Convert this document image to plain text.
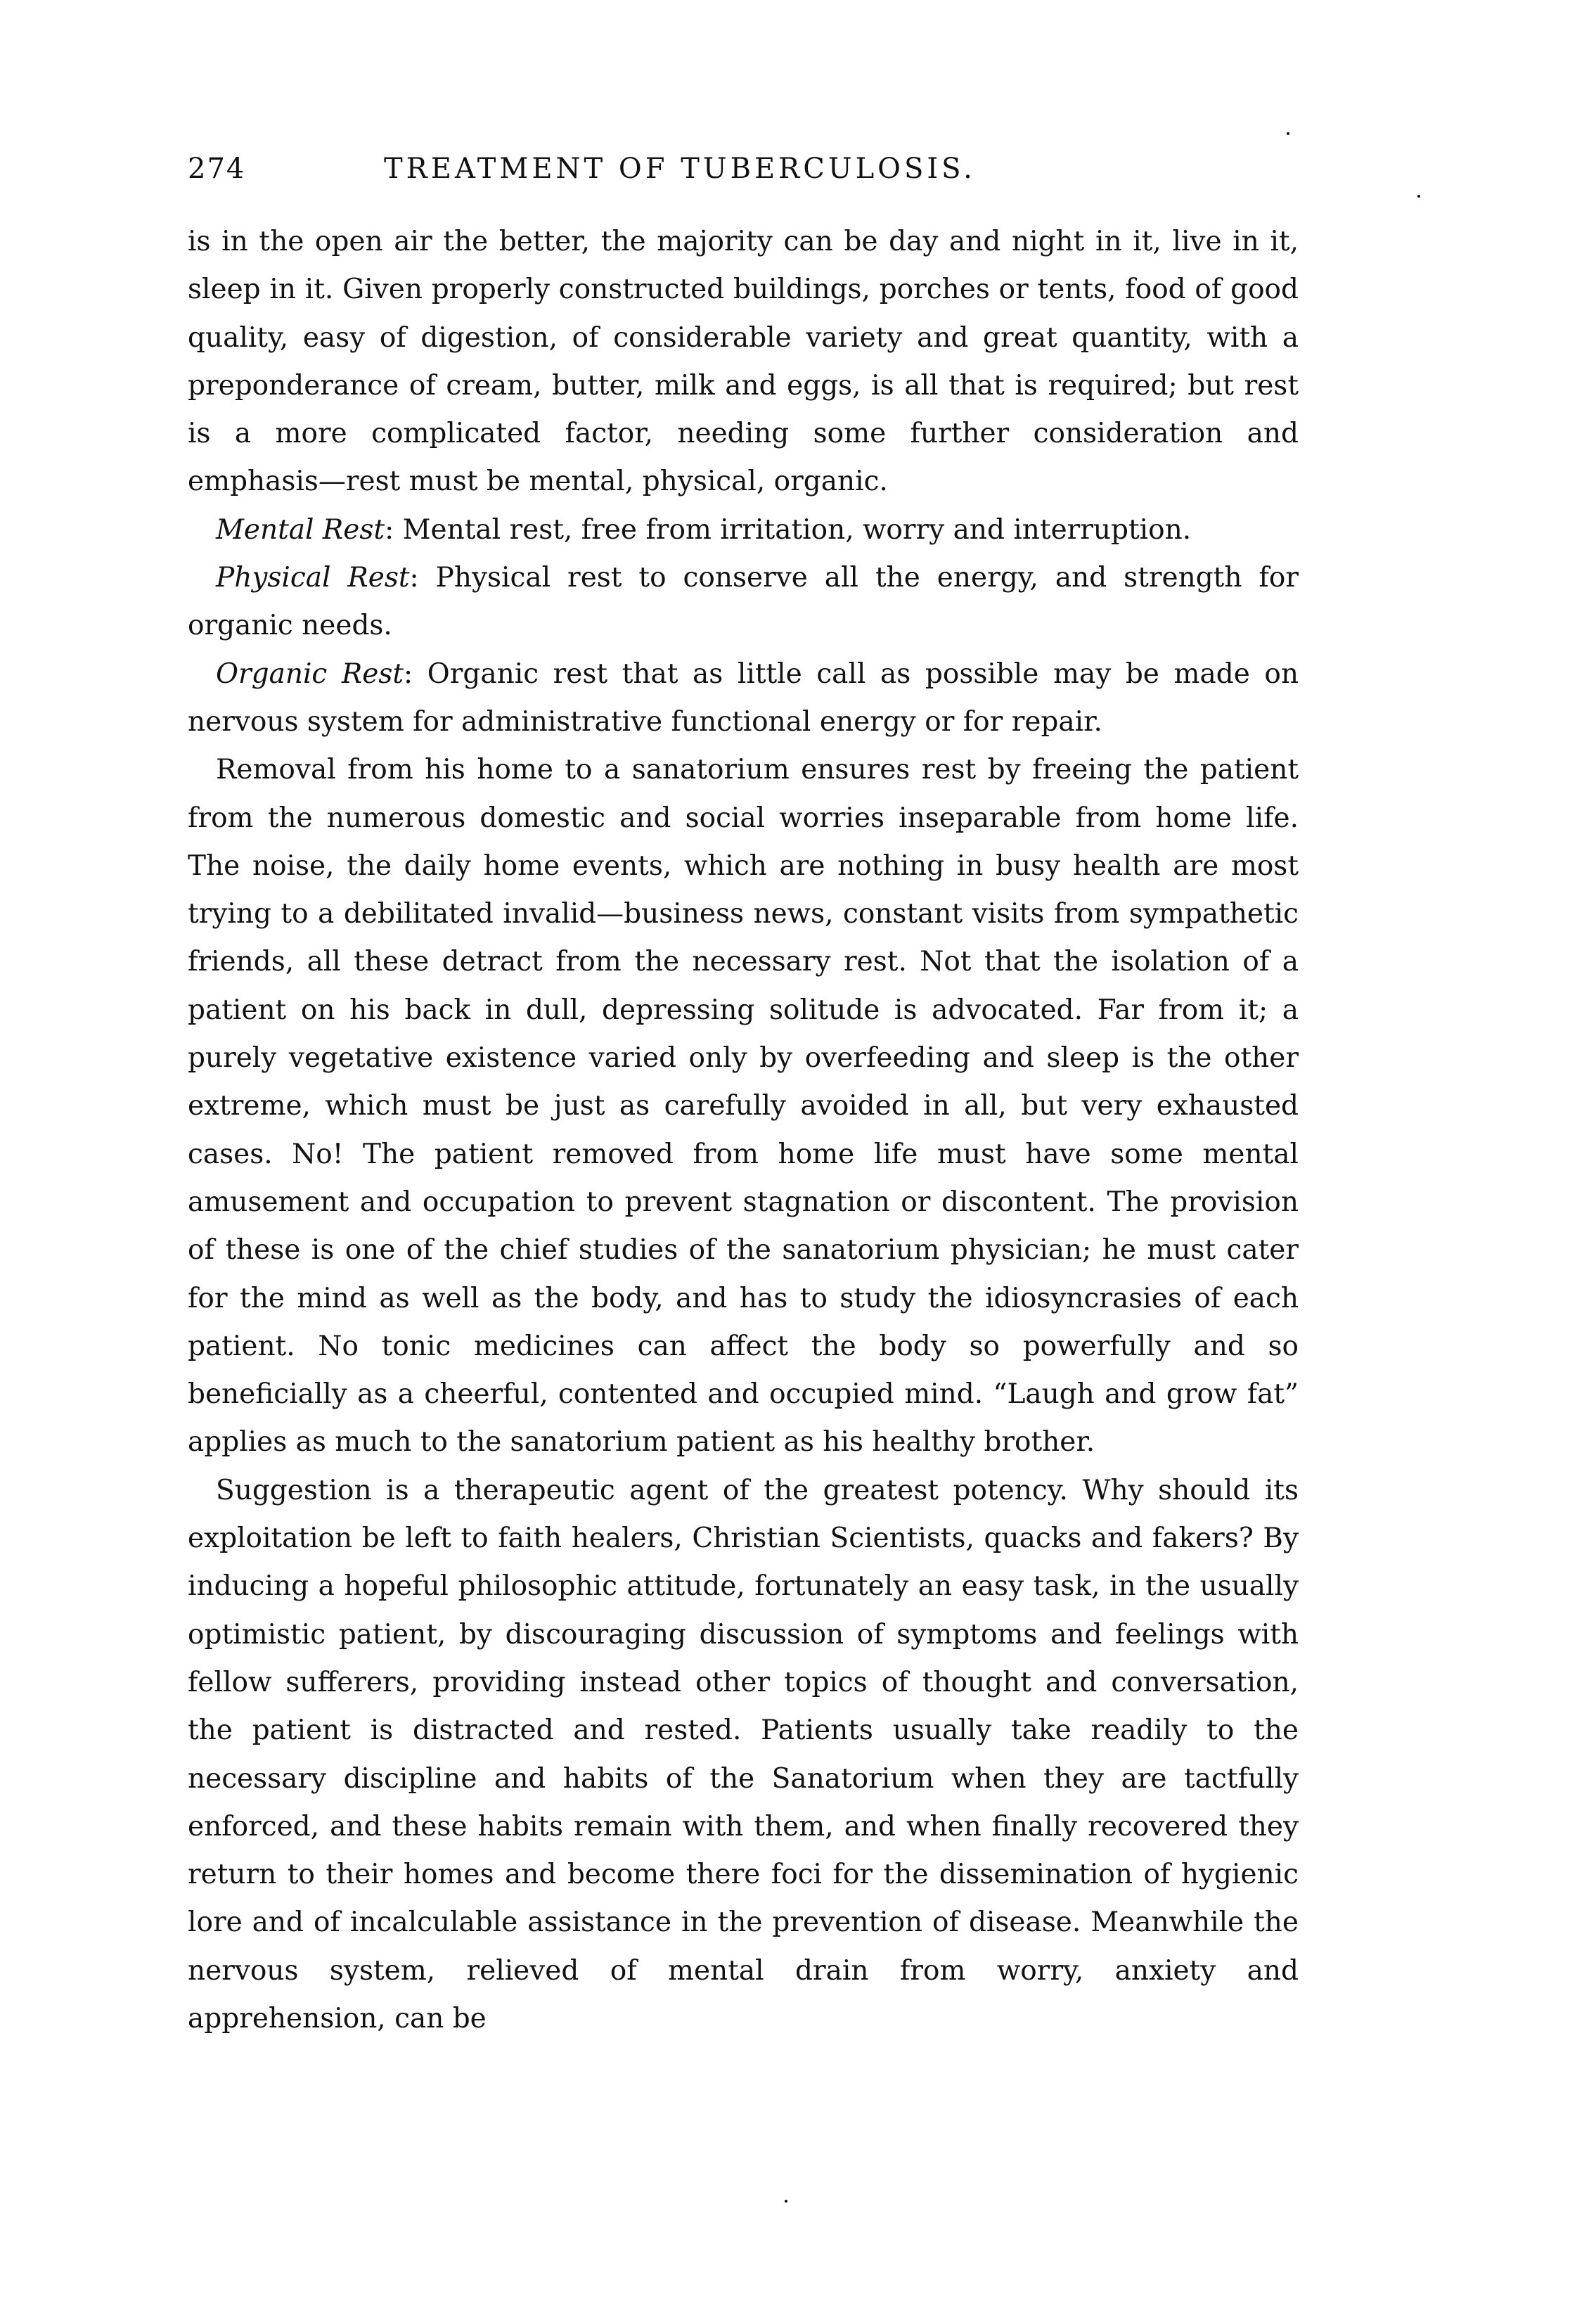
274	TREATMENT OF TUBERCULOSIS.

is in the open air the better, the majority can be day and night in it, live in it, sleep in it. Given properly constructed buildings, porches or tents, food of good quality, easy of digestion, of considerable variety and great quantity, with a preponderance of cream, butter, milk and eggs, is all that is required; but rest is a more complicated factor, needing some further consideration and emphasis—rest must be mental, physical, organic.

Mental Rest: Mental rest, free from irritation, worry and interruption.

Physical Rest: Physical rest to conserve all the energy, and strength for organic needs.

Organic Rest: Organic rest that as little call as possible may be made on nervous system for administrative functional energy or for repair.

Removal from his home to a sanatorium ensures rest by freeing the patient from the numerous domestic and social worries inseparable from home life. The noise, the daily home events, which are nothing in busy health are most trying to a debilitated invalid—business news, constant visits from sympathetic friends, all these detract from the necessary rest. Not that the isolation of a patient on his back in dull, depressing solitude is advocated. Far from it; a purely vegetative existence varied only by overfeeding and sleep is the other extreme, which must be just as carefully avoided in all, but very exhausted cases. No! The patient removed from home life must have some mental amusement and occupation to prevent stagnation or discontent. The provision of these is one of the chief studies of the sanatorium physician; he must cater for the mind as well as the body, and has to study the idiosyncrasies of each patient. No tonic medicines can affect the body so powerfully and so beneficially as a cheerful, contented and occupied mind. “Laugh and grow fat” applies as much to the sanatorium patient as his healthy brother.

Suggestion is a therapeutic agent of the greatest potency. Why should its exploitation be left to faith healers, Christian Scientists, quacks and fakers? By inducing a hopeful philosophic attitude, fortunately an easy task, in the usually optimistic patient, by discouraging discussion of symptoms and feelings with fellow sufferers, providing instead other topics of thought and conversation, the patient is distracted and rested. Patients usually take readily to the necessary discipline and habits of the Sanatorium when they are tactfully enforced, and these habits remain with them, and when finally recovered they return to their homes and become there foci for the dissemination of hygienic lore and of incalculable assistance in the prevention of disease. Meanwhile the nervous system, relieved of mental drain from worry, anxiety and apprehension, can be
